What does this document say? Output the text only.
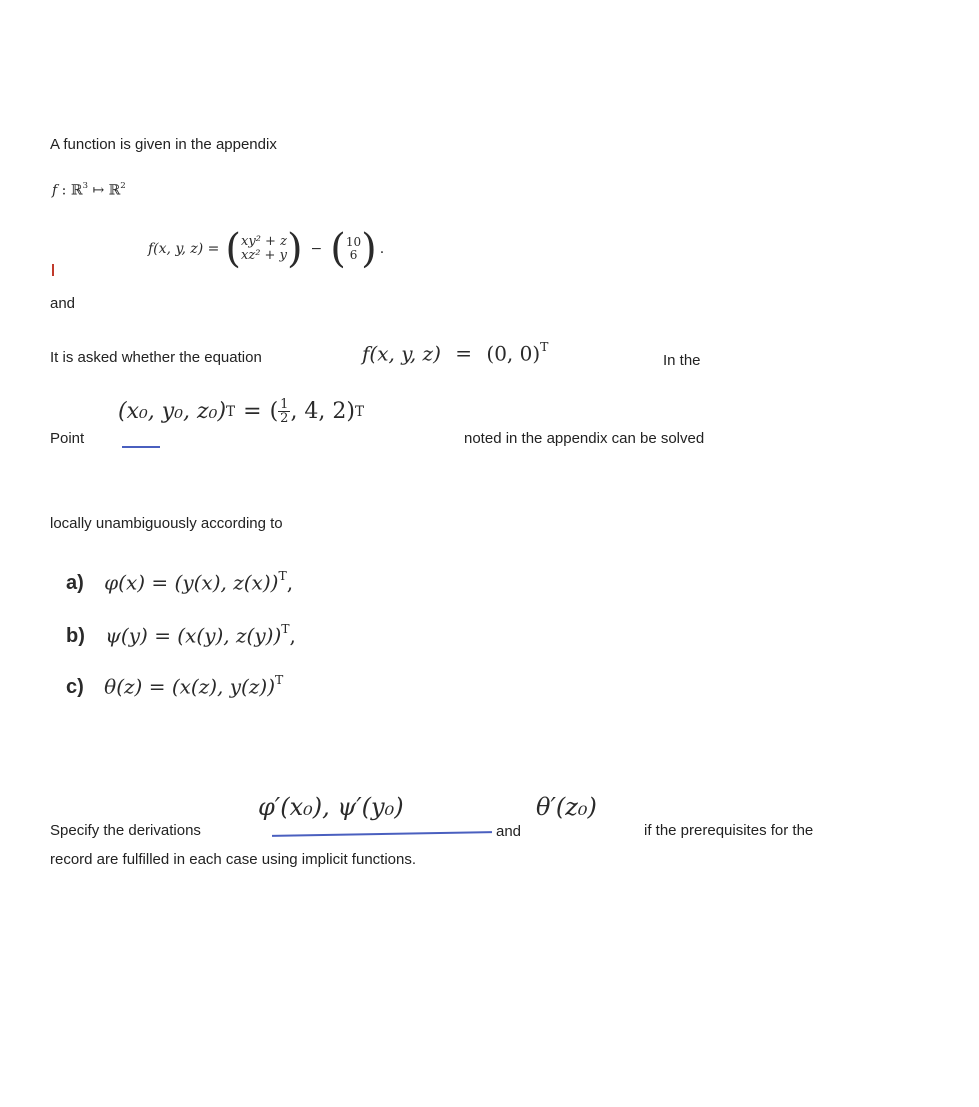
A function is given in the appendix
f : ℝ$^3$ ↦ ℝ$^2$
f(x, y, z) = ( xy² + z
xz² + y ) − ( 10
6 ) .
and
It is asked whether the equation	f(x, y, z) = (0, 0)$^T$
In the
Point
(x₀, y₀, z₀) T = ( $\frac{1}{2}$ , 4, 2) T
noted in the appendix can be solved
locally unambiguously according to
a) φ(x) = (y(x), z(x))$^T$,
b) ψ(y) = (x(y), z(y))$^T$,
c) θ(z) = (x(z), y(z))$^T$
Specify the derivations
φ′(x₀), ψ′(y₀)
and
θ′(z₀)
if the prerequisites for the
record are fulfilled in each case using implicit functions.
